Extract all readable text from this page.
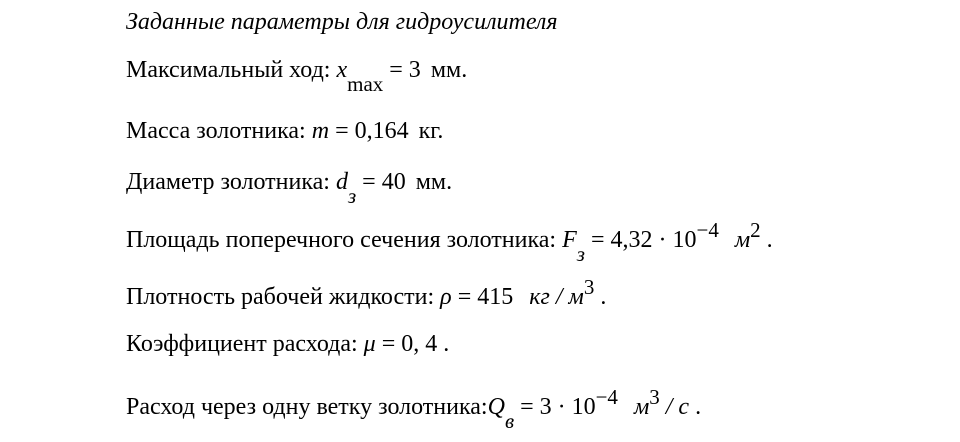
Заданные параметры для гидроусилителя
Максимальный ход: xmax= 3 мм.
Масса золотника: m = 0,164 кг.
Диаметр золотника: dз= 40 мм.
Площадь поперечного сечения золотника: Fз= 4,32 · 10−4 м2 .
Плотность рабочей жидкости: ρ = 415 кг / м3 .
Коэффициент расхода: μ = 0, 4 .
Расход через одну ветку золотника:Qв= 3 · 10−4 м3 / с .
